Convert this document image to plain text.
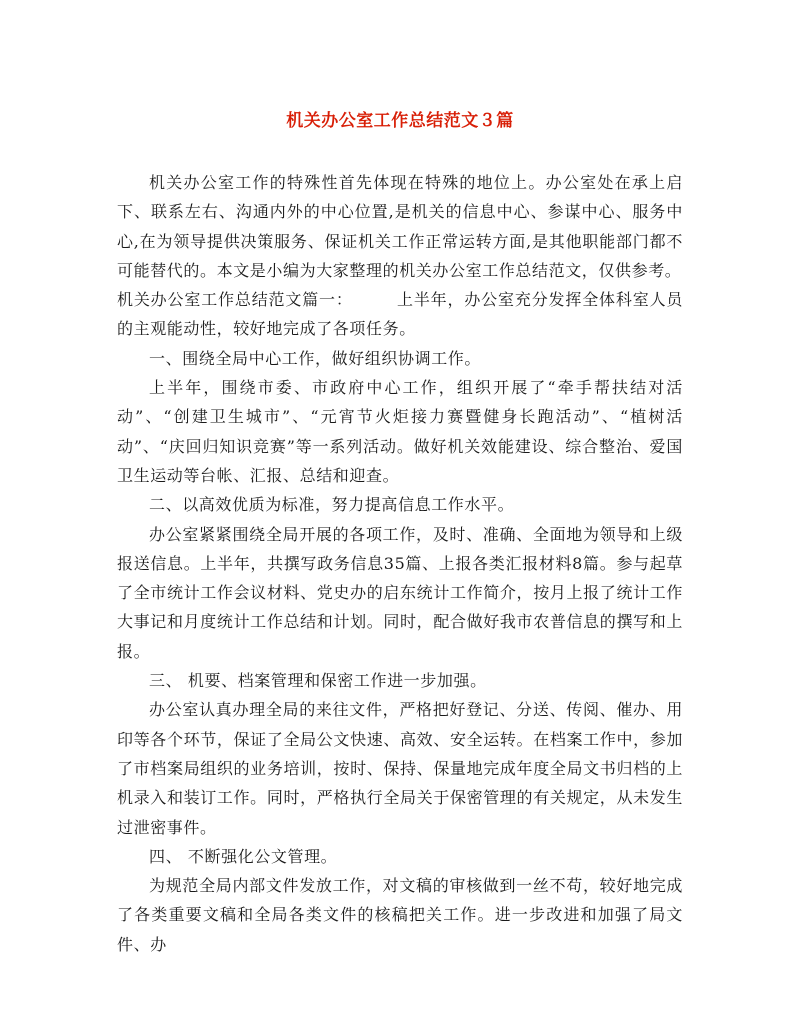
机关办公室工作总结范文３篇

机关办公室工作的特殊性首先体现在特殊的地位上。办公室处在承上启下、联系左右、沟通内外的中心位置,是机关的信息中心、参谋中心、服务中心,在为领导提供决策服务、保证机关工作正常运转方面,是其他职能部门都不可能替代的。本文是小编为大家整理的机关办公室工作总结范文，仅供参考。

机关办公室工作总结范文篇一：	上半年，办公室充分发挥全体科室人员的主观能动性，较好地完成了各项任务。

一、围绕全局中心工作，做好组织协调工作。

上半年，围绕市委、市政府中心工作，组织开展了“牵手帮扶结对活动”、“创建卫生城市”、“元宵节火炬接力赛暨健身长跑活动”、“植树活动”、“庆回归知识竞赛”等一系列活动。做好机关效能建设、综合整治、爱国卫生运动等台帐、汇报、总结和迎查。

二、以高效优质为标准，努力提高信息工作水平。

办公室紧紧围绕全局开展的各项工作，及时、准确、全面地为领导和上级报送信息。上半年，共撰写政务信息35篇、上报各类汇报材料8篇。参与起草了全市统计工作会议材料、党史办的启东统计工作简介，按月上报了统计工作大事记和月度统计工作总结和计划。同时，配合做好我市农普信息的撰写和上报。

三、 机要、档案管理和保密工作进一步加强。

办公室认真办理全局的来往文件，严格把好登记、分送、传阅、催办、用印等各个环节，保证了全局公文快速、高效、安全运转。在档案工作中，参加了市档案局组织的业务培训，按时、保持、保量地完成年度全局文书归档的上机录入和装订工作。同时，严格执行全局关于保密管理的有关规定，从未发生过泄密事件。

四、 不断强化公文管理。

为规范全局内部文件发放工作，对文稿的审核做到一丝不苟，较好地完成了各类重要文稿和全局各类文件的核稿把关工作。进一步改进和加强了局文件、办
